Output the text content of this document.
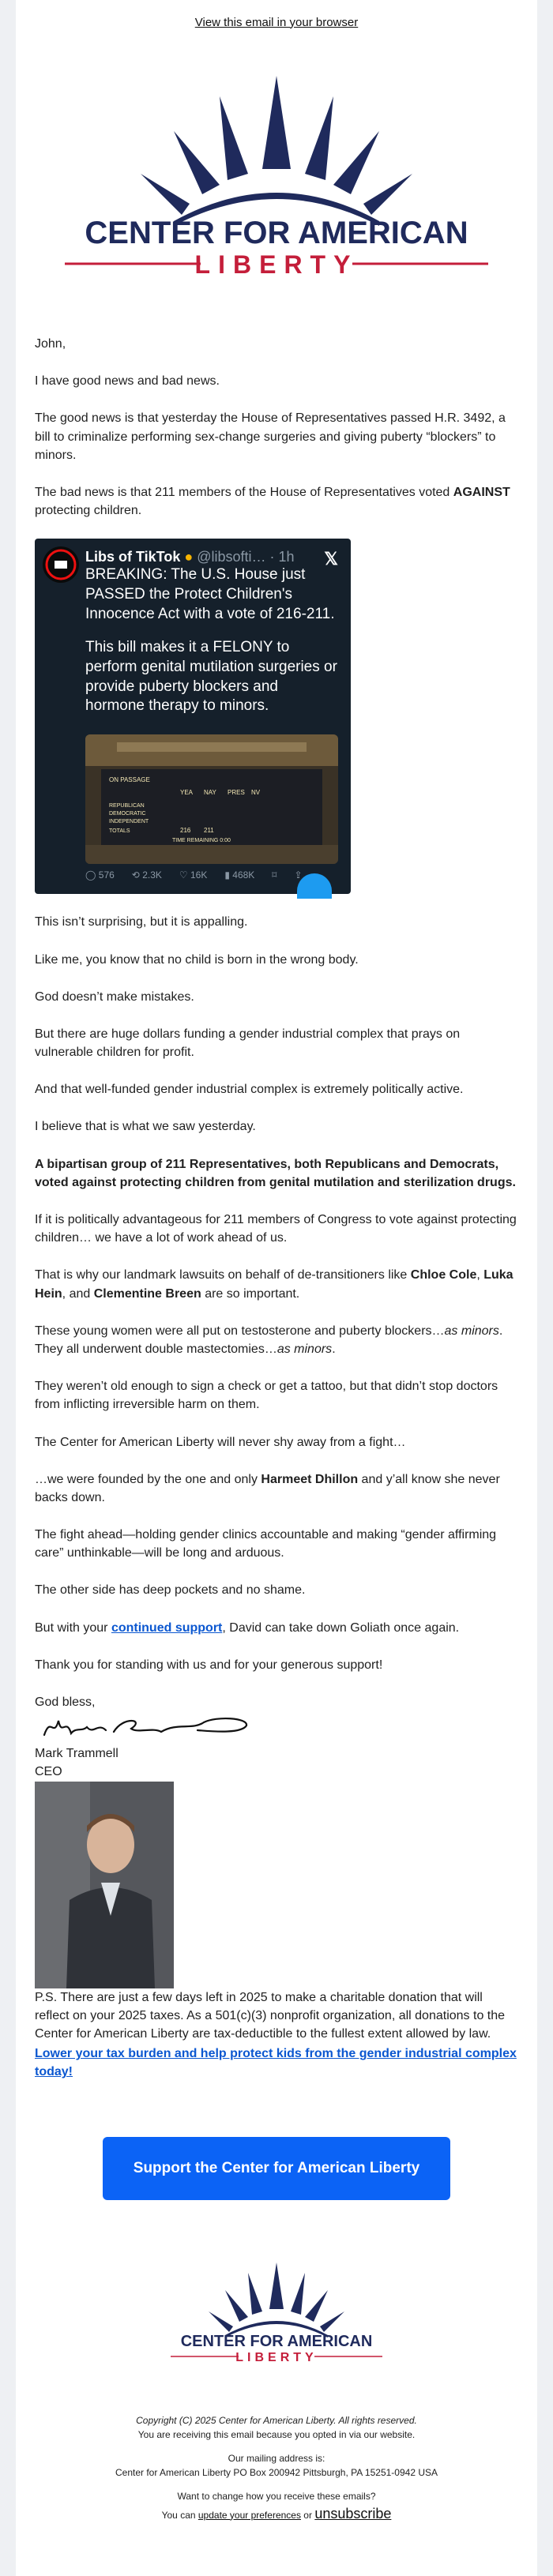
View this email in your browser
CENTER FOR AMERICAN
LIBERTY

John,

I have good news and bad news.

The good news is that yesterday the House of Representatives passed H.R. 3492, a bill to criminalize performing sex-change surgeries and giving puberty “blockers” to minors.

The bad news is that 211 members of the House of Representatives voted AGAINST protecting children.

Libs of TikTok ● @libsofti… · 1h 𝕏

BREAKING: The U.S. House just PASSED the Protect Children's Innocence Act with a vote of 216-211.

This bill makes it a FELONY to perform genital mutilation surgeries or provide puberty blockers and hormone therapy to minors.

ON PASSAGE
YEA NAY PRES NV
REPUBLICAN
DEMOCRATIC
INDEPENDENT
TOTALS	216 211
TIME REMAINING 0:00
◯ 576 ⟲ 2.3K ♡ 16K ▮ 468K ⌑ ⇪

This isn’t surprising, but it is appalling.

Like me, you know that no child is born in the wrong body.

God doesn’t make mistakes.

But there are huge dollars funding a gender industrial complex that prays on vulnerable children for profit.

And that well-funded gender industrial complex is extremely politically active.

I believe that is what we saw yesterday.

A bipartisan group of 211 Representatives, both Republicans and Democrats, voted against protecting children from genital mutilation and sterilization drugs.

If it is politically advantageous for 211 members of Congress to vote against protecting children… we have a lot of work ahead of us.

That is why our landmark lawsuits on behalf of de-transitioners like Chloe Cole, Luka Hein, and Clementine Breen are so important.

These young women were all put on testosterone and puberty blockers…as minors. They all underwent double mastectomies…as minors.

They weren’t old enough to sign a check or get a tattoo, but that didn’t stop doctors from inflicting irreversible harm on them.

The Center for American Liberty will never shy away from a fight…

…we were founded by the one and only Harmeet Dhillon and y’all know she never backs down.

The fight ahead—holding gender clinics accountable and making “gender affirming care” unthinkable—will be long and arduous.

The other side has deep pockets and no shame.

But with your continued support, David can take down Goliath once again.

Thank you for standing with us and for your generous support!

God bless,

Mark Trammell
CEO

P.S. There are just a few days left in 2025 to make a charitable donation that will reflect on your 2025 taxes. As a 501(c)(3) nonprofit organization, all donations to the Center for American Liberty are tax-deductible to the fullest extent allowed by law.

Lower your tax burden and help protect kids from the gender industrial complex today!

Support the Center for American Liberty
CENTER FOR AMERICAN
LIBERTY

Copyright (C) 2025 Center for American Liberty. All rights reserved.
You are receiving this email because you opted in via our website.

Our mailing address is:
Center for American Liberty PO Box 200942 Pittsburgh, PA 15251-0942 USA

Want to change how you receive these emails?
You can update your preferences or unsubscribe
